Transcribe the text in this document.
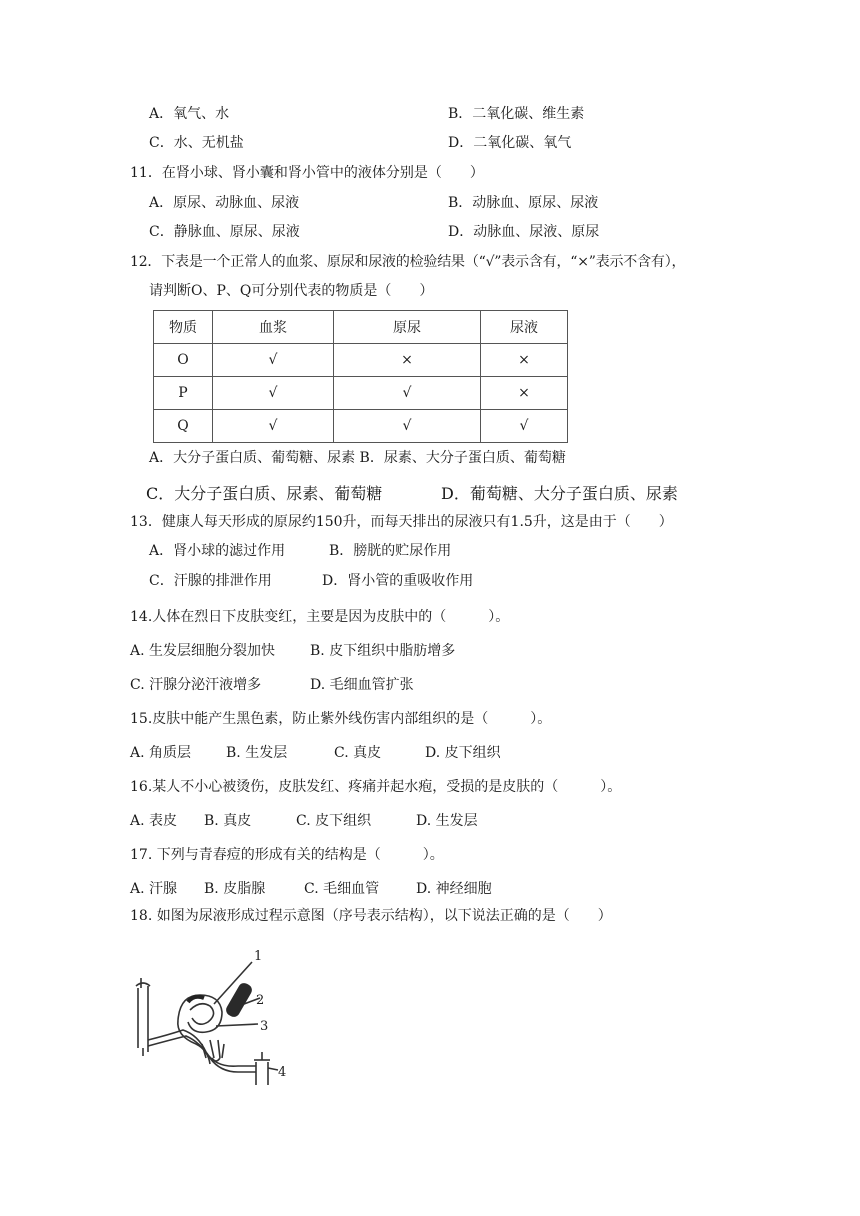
A．氧气、水	B．二氧化碳、维生素
C．水、无机盐	D．二氧化碳、氧气
11．在肾小球、肾小囊和肾小管中的液体分别是（　　）
A．原尿、动脉血、尿液	B．动脉血、原尿、尿液
C．静脉血、原尿、尿液	D．动脉血、尿液、原尿
12．下表是一个正常人的血浆、原尿和尿液的检验结果（“√”表示含有，“×”表示不含有），
请判断O、P、Q可分别代表的物质是（　　）
物质	血浆	原尿	尿液
O	√	×	×
P	√	√	×
Q	√	√	√
A．大分子蛋白质、葡萄糖、尿素 B．尿素、大分子蛋白质、葡萄糖
C．大分子蛋白质、尿素、葡萄糖	D．葡萄糖、大分子蛋白质、尿素
13．健康人每天形成的原尿约150升，而每天排出的尿液只有1.5升，这是由于（　　）
A．肾小球的滤过作用	B．膀胱的贮尿作用
C．汗腺的排泄作用	D．肾小管的重吸收作用
14.人体在烈日下皮肤变红，主要是因为皮肤中的（　　　）。
A. 生发层细胞分裂加快 B. 皮下组织中脂肪增多
C. 汗腺分泌汗液增多	D. 毛细血管扩张
15.皮肤中能产生黑色素，防止紫外线伤害内部组织的是（　　　）。
A. 角质层 B. 生发层	C. 真皮	D. 皮下组织
16.某人不小心被烫伤，皮肤发红、疼痛并起水疱，受损的是皮肤的（　　　）。
A. 表皮 B. 真皮	C. 皮下组织	D. 生发层
17. 下列与青春痘的形成有关的结构是（　　　）。
A. 汗腺 B. 皮脂腺	C. 毛细血管	D. 神经细胞
18. 如图为尿液形成过程示意图（序号表示结构），以下说法正确的是（　　）
1
2
3
4
